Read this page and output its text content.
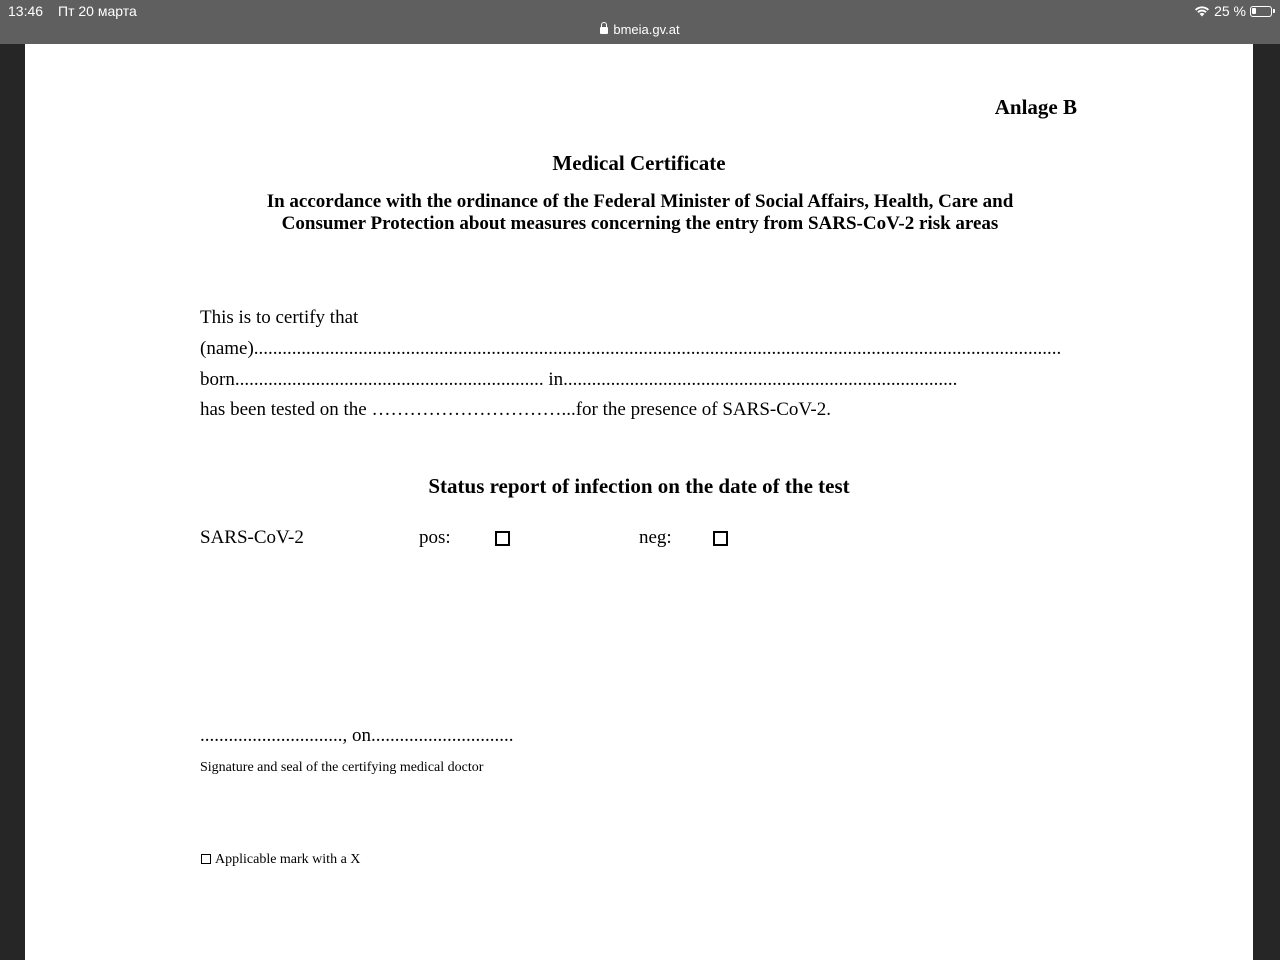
13:46 Пт 20 марта
bmeia.gv.at
25 %
Anlage B
Medical Certificate
In accordance with the ordinance of the Federal Minister of Social Affairs, Health, Care and
Consumer Protection about measures concerning the entry from SARS-CoV-2 risk areas
This is to certify that
(name)..........................................................................................................................................................................
born................................................................. in...................................................................................
has been tested on the …………………………...for the presence of SARS-CoV-2.
Status report of infection on the date of the test
SARS-CoV-2	pos:	neg:
.............................., on..............................
Signature and seal of the certifying medical doctor
Applicable mark with a X
